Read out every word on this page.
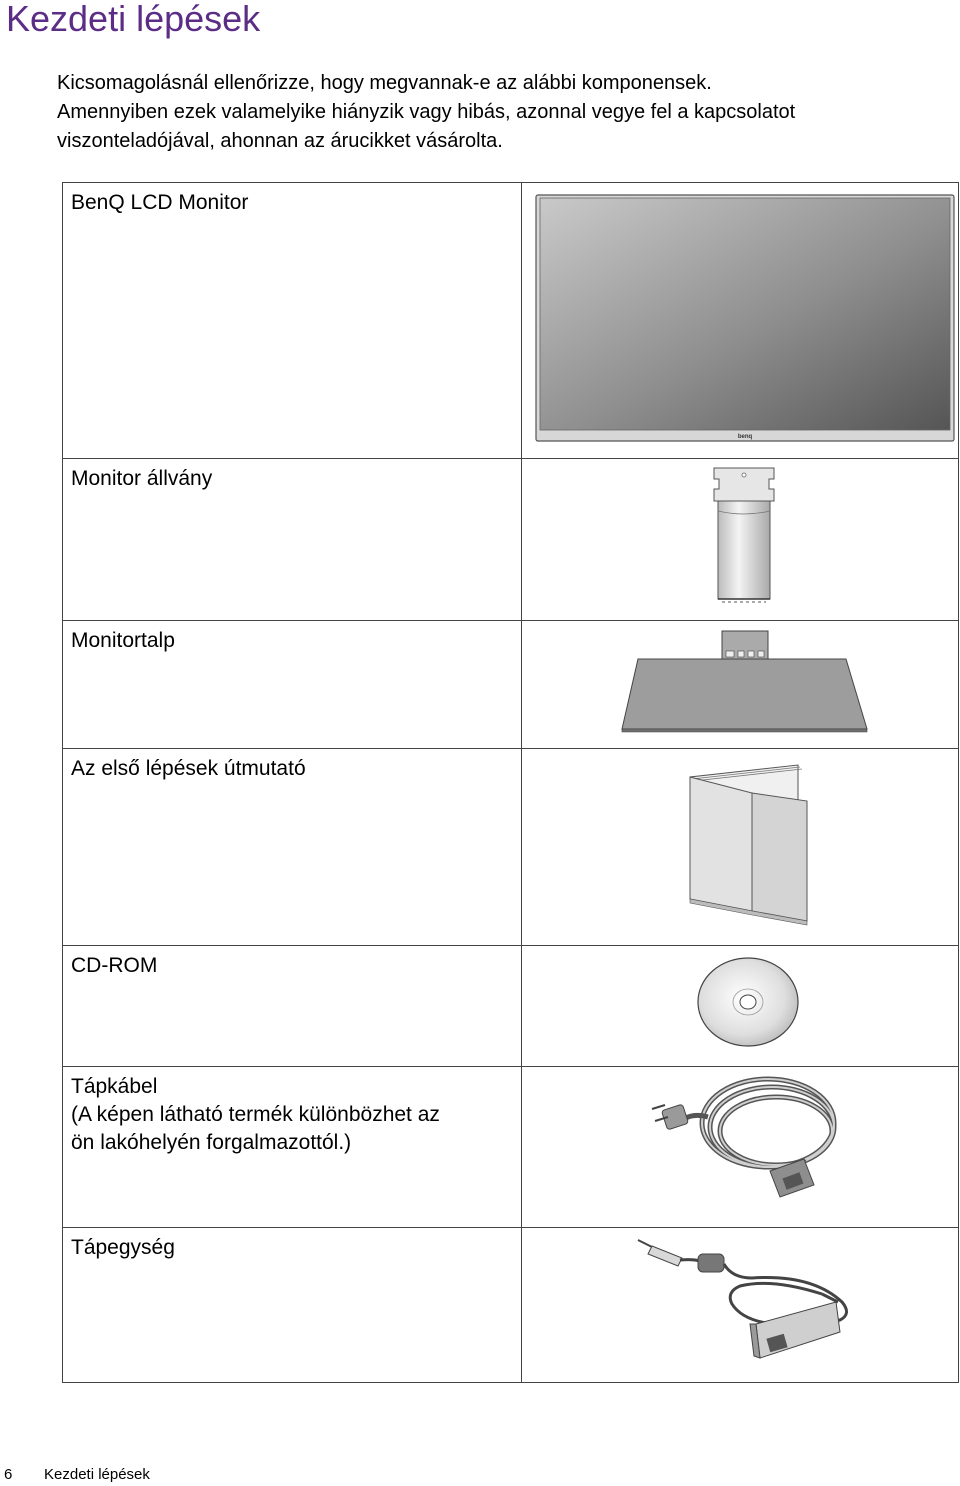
Kezdeti lépések

Kicsomagolásnál ellenőrizze, hogy megvannak-e az alábbi komponensek.
Amennyiben ezek valamelyike hiányzik vagy hibás, azonnal vegye fel a kapcsolatot
viszonteladójával, ahonnan az árucikket vásárolta.

BenQ LCD Monitor	benq

Monitor állvány

Monitortalp

Az első lépések útmutató

CD-ROM

Tápkábel
(A képen látható termék különbözhet az
ön lakóhelyén forgalmazottól.)

Tápegység

6 Kezdeti lépések
